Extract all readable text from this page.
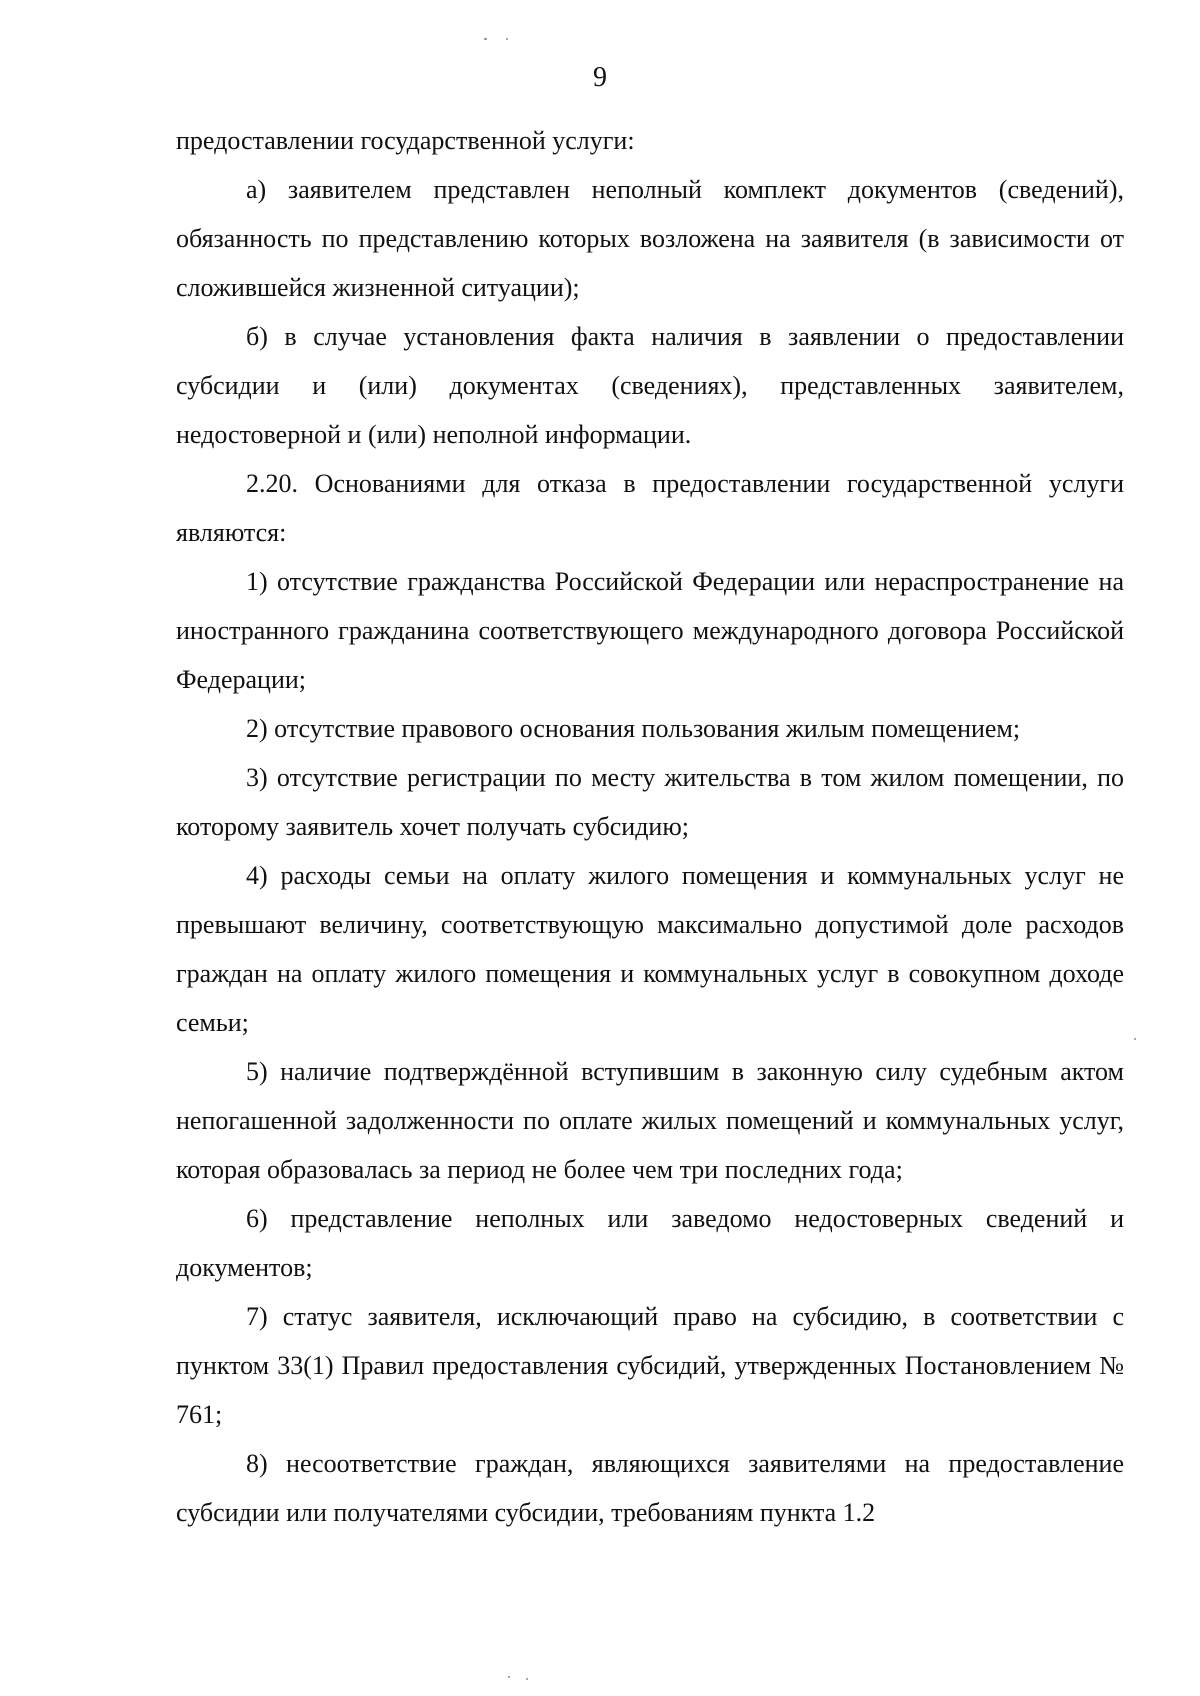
9

предоставлении государственной услуги:

а) заявителем представлен неполный комплект документов (сведений), обязанность по представлению которых возложена на заявителя (в зависимости от сложившейся жизненной ситуации);

б) в случае установления факта наличия в заявлении о предоставлении субсидии и (или) документах (сведениях), представленных заявителем, недостоверной и (или) неполной информации.

2.20. Основаниями для отказа в предоставлении государственной услуги являются:

1) отсутствие гражданства Российской Федерации или нераспространение на иностранного гражданина соответствующего международного договора Российской Федерации;

2) отсутствие правового основания пользования жилым помещением;

3) отсутствие регистрации по месту жительства в том жилом помещении, по которому заявитель хочет получать субсидию;

4) расходы семьи на оплату жилого помещения и коммунальных услуг не превышают величину, соответствующую максимально допустимой доле расходов граждан на оплату жилого помещения и коммунальных услуг в совокупном доходе семьи;

5) наличие подтверждённой вступившим в законную силу судебным актом непогашенной задолженности по оплате жилых помещений и коммунальных услуг, которая образовалась за период не более чем три последних года;

6) представление неполных или заведомо недостоверных сведений и документов;

7) статус заявителя, исключающий право на субсидию, в соответствии с пунктом 33(1) Правил предоставления субсидий, утвержденных Постановлением № 761;

8) несоответствие граждан, являющихся заявителями на предоставление субсидии или получателями субсидии, требованиям пункта 1.2
